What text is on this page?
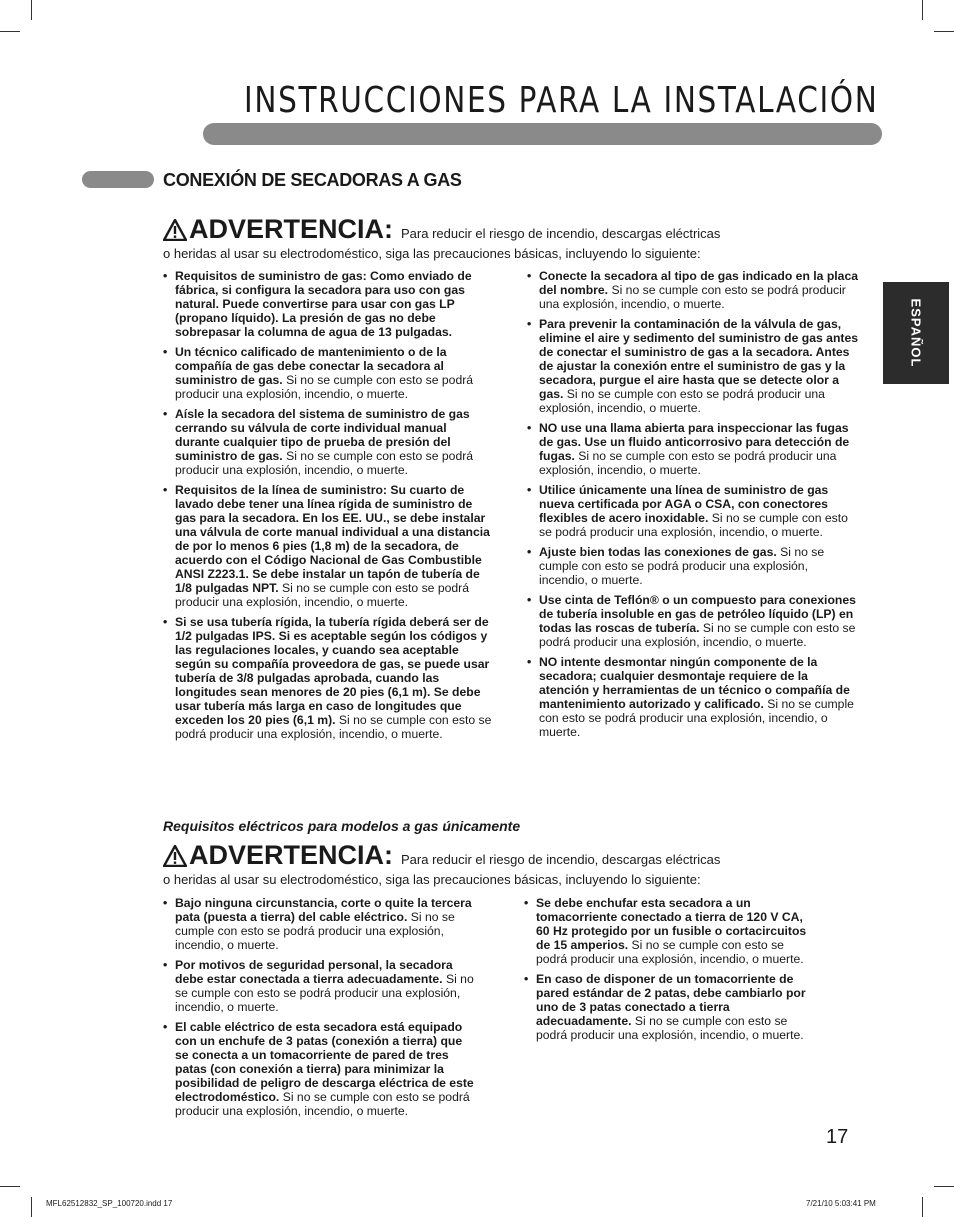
INSTRUCCIONES PARA LA INSTALACIÓN
CONEXIÓN DE SECADORAS A GAS
ESPAÑOL
ADVERTENCIA: Para reducir el riesgo de incendio, descargas eléctricas
o heridas al usar su electrodoméstico, siga las precauciones básicas, incluyendo lo siguiente:
• Requisitos de suministro de gas: Como enviado de fábrica, si configura la secadora para uso con gas natural. Puede convertirse para usar con gas LP (propano líquido). La presión de gas no debe sobrepasar la columna de agua de 13 pulgadas.
• Un técnico calificado de mantenimiento o de la compañía de gas debe conectar la secadora al suministro de gas. Si no se cumple con esto se podrá producir una explosión, incendio, o muerte.
• Aísle la secadora del sistema de suministro de gas cerrando su válvula de corte individual manual durante cualquier tipo de prueba de presión del suministro de gas. Si no se cumple con esto se podrá producir una explosión, incendio, o muerte.
• Requisitos de la línea de suministro: Su cuarto de lavado debe tener una línea rígida de suministro de gas para la secadora. En los EE. UU., se debe instalar una válvula de corte manual individual a una distancia de por lo menos 6 pies (1,8 m) de la secadora, de acuerdo con el Código Nacional de Gas Combustible ANSI Z223.1. Se debe instalar un tapón de tubería de 1/8 pulgadas NPT. Si no se cumple con esto se podrá producir una explosión, incendio, o muerte.
• Si se usa tubería rígida, la tubería rígida deberá ser de 1/2 pulgadas IPS. Si es aceptable según los códigos y las regulaciones locales, y cuando sea aceptable según su compañía proveedora de gas, se puede usar tubería de 3/8 pulgadas aprobada, cuando las longitudes sean menores de 20 pies (6,1 m). Se debe usar tubería más larga en caso de longitudes que exceden los 20 pies (6,1 m). Si no se cumple con esto se podrá producir una explosión, incendio, o muerte.
• Conecte la secadora al tipo de gas indicado en la placa del nombre. Si no se cumple con esto se podrá producir una explosión, incendio, o muerte.
• Para prevenir la contaminación de la válvula de gas, elimine el aire y sedimento del suministro de gas antes de conectar el suministro de gas a la secadora. Antes de ajustar la conexión entre el suministro de gas y la secadora, purgue el aire hasta que se detecte olor a gas. Si no se cumple con esto se podrá producir una explosión, incendio, o muerte.
• NO use una llama abierta para inspeccionar las fugas de gas. Use un fluido anticorrosivo para detección de fugas. Si no se cumple con esto se podrá producir una explosión, incendio, o muerte.
• Utilice únicamente una línea de suministro de gas nueva certificada por AGA o CSA, con conectores flexibles de acero inoxidable. Si no se cumple con esto se podrá producir una explosión, incendio, o muerte.
• Ajuste bien todas las conexiones de gas. Si no se cumple con esto se podrá producir una explosión, incendio, o muerte.
• Use cinta de Teflón® o un compuesto para conexiones de tubería insoluble en gas de petróleo líquido (LP) en todas las roscas de tubería. Si no se cumple con esto se podrá producir una explosión, incendio, o muerte.
• NO intente desmontar ningún componente de la secadora; cualquier desmontaje requiere de la atención y herramientas de un técnico o compañía de mantenimiento autorizado y calificado. Si no se cumple con esto se podrá producir una explosión, incendio, o muerte.
Requisitos eléctricos para modelos a gas únicamente
ADVERTENCIA: Para reducir el riesgo de incendio, descargas eléctricas
o heridas al usar su electrodoméstico, siga las precauciones básicas, incluyendo lo siguiente:
• Bajo ninguna circunstancia, corte o quite la tercera pata (puesta a tierra) del cable eléctrico. Si no se cumple con esto se podrá producir una explosión, incendio, o muerte.
• Por motivos de seguridad personal, la secadora debe estar conectada a tierra adecuadamente. Si no se cumple con esto se podrá producir una explosión, incendio, o muerte.
• El cable eléctrico de esta secadora está equipado con un enchufe de 3 patas (conexión a tierra) que se conecta a un tomacorriente de pared de tres patas (con conexión a tierra) para minimizar la posibilidad de peligro de descarga eléctrica de este electrodoméstico. Si no se cumple con esto se podrá producir una explosión, incendio, o muerte.
• Se debe enchufar esta secadora a un tomacorriente conectado a tierra de 120 V CA, 60 Hz protegido por un fusible o cortacircuitos de 15 amperios. Si no se cumple con esto se podrá producir una explosión, incendio, o muerte.
• En caso de disponer de un tomacorriente de pared estándar de 2 patas, debe cambiarlo por uno de 3 patas conectado a tierra adecuadamente. Si no se cumple con esto se podrá producir una explosión, incendio, o muerte.
17
MFL62512832_SP_100720.indd 17	7/21/10 5:03:41 PM
